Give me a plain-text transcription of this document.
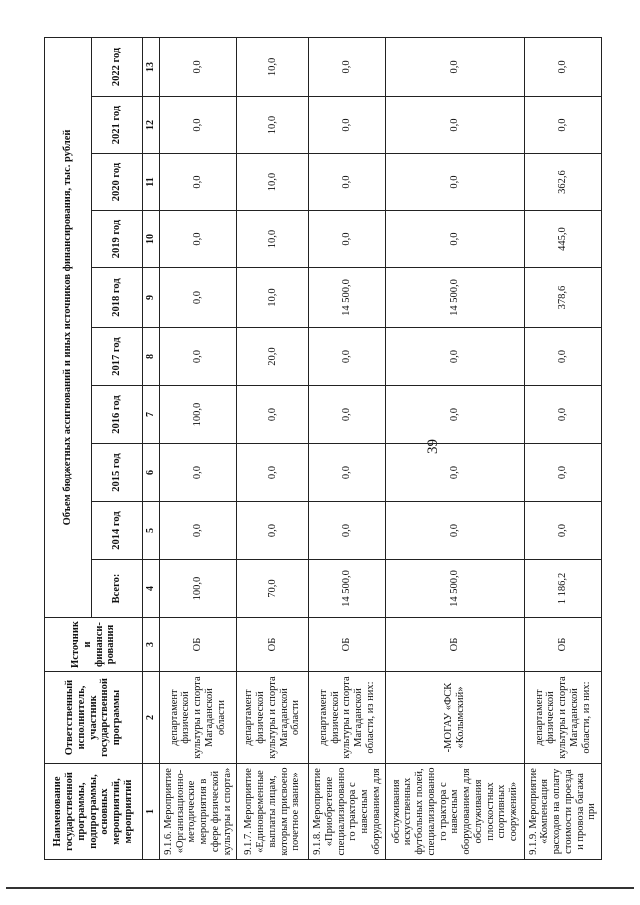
39
Наименование государственной программы, подпрограммы, основных мероприятий, мероприятий	Ответственный исполнитель, участник государственной программы	Источники финанси-рования	Объем бюджетных ассигнований и иных источников финансирования, тыс. рублей									
			Всего:	2014 год	2015 год	2016 год	2017 год	2018 год	2019 год	2020 год	2021 год	2022 год
1	2	3	4	5	6	7	8	9	10	11	12	13
9.1.6. Мероприятие «Организационно-методические мероприятия в сфере физической культуры и спорта»	департамент физической культуры и спорта Магаданской области	ОБ	100,0	0,0	0,0	100,0	0,0	0,0	0,0	0,0	0,0	0,0
9.1.7. Мероприятие «Единовременные выплаты лицам, которым присвоено почетное звание»	департамент физической культуры и спорта Магаданской области	ОБ	70,0	0,0	0,0	0,0	20,0	10,0	10,0	10,0	10,0	10,0
9.1.8. Мероприятие «Приобретение специализированного трактора с навесным оборудованием для	департамент физической культуры и спорта Магаданской области, из них:	ОБ	14 500,0	0,0	0,0	0,0	0,0	14 500,0	0,0	0,0	0,0	0,0
обслуживания искусственных футбольных полей, специализированного трактора с навесным оборудованием для обслуживания плоскостных спортивных сооружений»	-МОГАУ «ФСК «Колымский»	ОБ	14 500,0	0,0	0,0	0,0	0,0	14 500,0	0,0	0,0	0,0	0,0
9.1.9. Мероприятие «Компенсация расходов на оплату стоимости проезда и провоза багажа при	департамент физической культуры и спорта Магаданской области, из них:	ОБ	1 186,2	0,0	0,0	0,0	0,0	378,6	445,0	362,6	0,0	0,0
